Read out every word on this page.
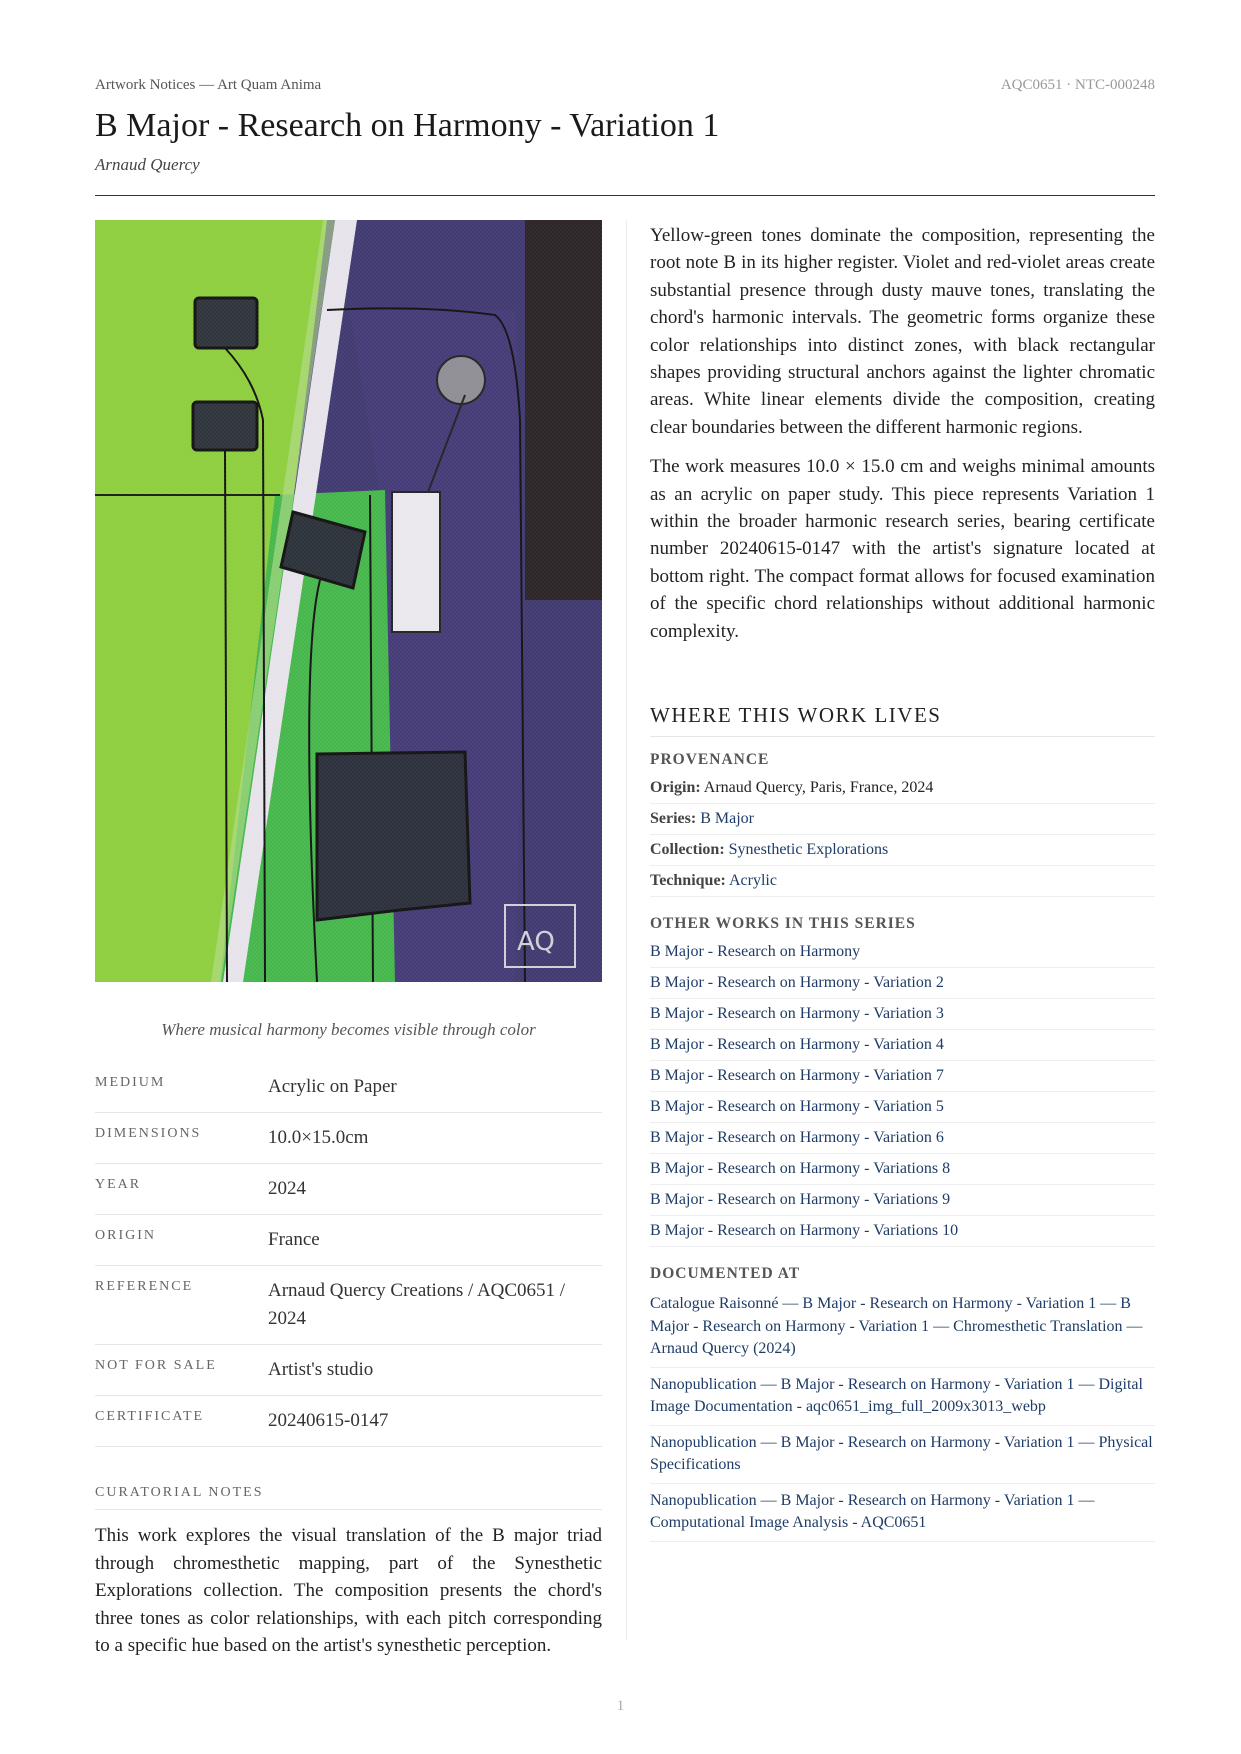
Artwork Notices — Art Quam Anima	AQC0651 · NTC-000248
B Major - Research on Harmony - Variation 1
Arnaud Quercy
Where musical harmony becomes visible through color
MEDIUM	Acrylic on Paper
DIMENSIONS	10.0×15.0cm
YEAR	2024
ORIGIN	France
REFERENCE	Arnaud Quercy Creations / AQC0651 / 2024
NOT FOR SALE	Artist's studio
CERTIFICATE	20240615-0147
CURATORIAL NOTES
This work explores the visual translation of the B major triad through chromesthetic mapping, part of the Synesthetic Explorations collection. The composition presents the chord's three tones as color relationships, with each pitch corresponding to a specific hue based on the artist's synesthetic perception.

Yellow-green tones dominate the composition, representing the root note B in its higher register. Violet and red-violet areas create substantial presence through dusty mauve tones, translating the chord's harmonic intervals. The geometric forms organize these color relationships into distinct zones, with black rectangular shapes providing structural anchors against the lighter chromatic areas. White linear elements divide the composition, creating clear boundaries between the different harmonic regions.

The work measures 10.0 × 15.0 cm and weighs minimal amounts as an acrylic on paper study. This piece represents Variation 1 within the broader harmonic research series, bearing certificate number 20240615-0147 with the artist's signature located at bottom right. The compact format allows for focused examination of the specific chord relationships without additional harmonic complexity.

WHERE THIS WORK LIVES
PROVENANCE
Origin: Arnaud Quercy, Paris, France, 2024
Series: B Major
Collection: Synesthetic Explorations
Technique: Acrylic
OTHER WORKS IN THIS SERIES
B Major - Research on Harmony
B Major - Research on Harmony - Variation 2
B Major - Research on Harmony - Variation 3
B Major - Research on Harmony - Variation 4
B Major - Research on Harmony - Variation 7
B Major - Research on Harmony - Variation 5
B Major - Research on Harmony - Variation 6
B Major - Research on Harmony - Variations 8
B Major - Research on Harmony - Variations 9
B Major - Research on Harmony - Variations 10
DOCUMENTED AT
Catalogue Raisonné — B Major - Research on Harmony - Variation 1 — B Major - Research on Harmony - Variation 1 — Chromesthetic Translation — Arnaud Quercy (2024)
Nanopublication — B Major - Research on Harmony - Variation 1 — Digital Image Documentation - aqc0651_img_full_2009x3013_webp
Nanopublication — B Major - Research on Harmony - Variation 1 — Physical Specifications
Nanopublication — B Major - Research on Harmony - Variation 1 — Computational Image Analysis - AQC0651
1
